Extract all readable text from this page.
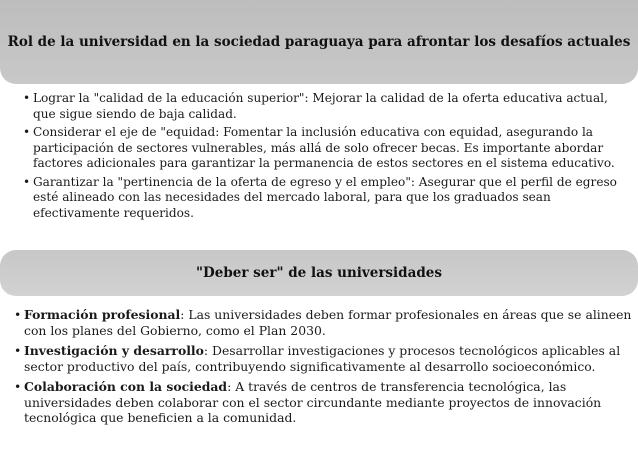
Rol de la universidad en la sociedad paraguaya para afrontar los desafíos actuales
• Lograr la "calidad de la educación superior": Mejorar la calidad de la oferta educativa actual, que sigue siendo de baja calidad.
• Considerar el eje de "equidad: Fomentar la inclusión educativa con equidad, asegurando la participación de sectores vulnerables, más allá de solo ofrecer becas. Es importante abordar factores adicionales para garantizar la permanencia de estos sectores en el sistema educativo.
• Garantizar la "pertinencia de la oferta de egreso y el empleo": Asegurar que el perfil de egreso esté alineado con las necesidades del mercado laboral, para que los graduados sean efectivamente requeridos.
"Deber ser" de las universidades
• Formación profesional: Las universidades deben formar profesionales en áreas que se alineen con los planes del Gobierno, como el Plan 2030.
• Investigación y desarrollo: Desarrollar investigaciones y procesos tecnológicos aplicables al sector productivo del país, contribuyendo significativamente al desarrollo socioeconómico.
• Colaboración con la sociedad: A través de centros de transferencia tecnológica, las universidades deben colaborar con el sector circundante mediante proyectos de innovación tecnológica que beneficien a la comunidad.
